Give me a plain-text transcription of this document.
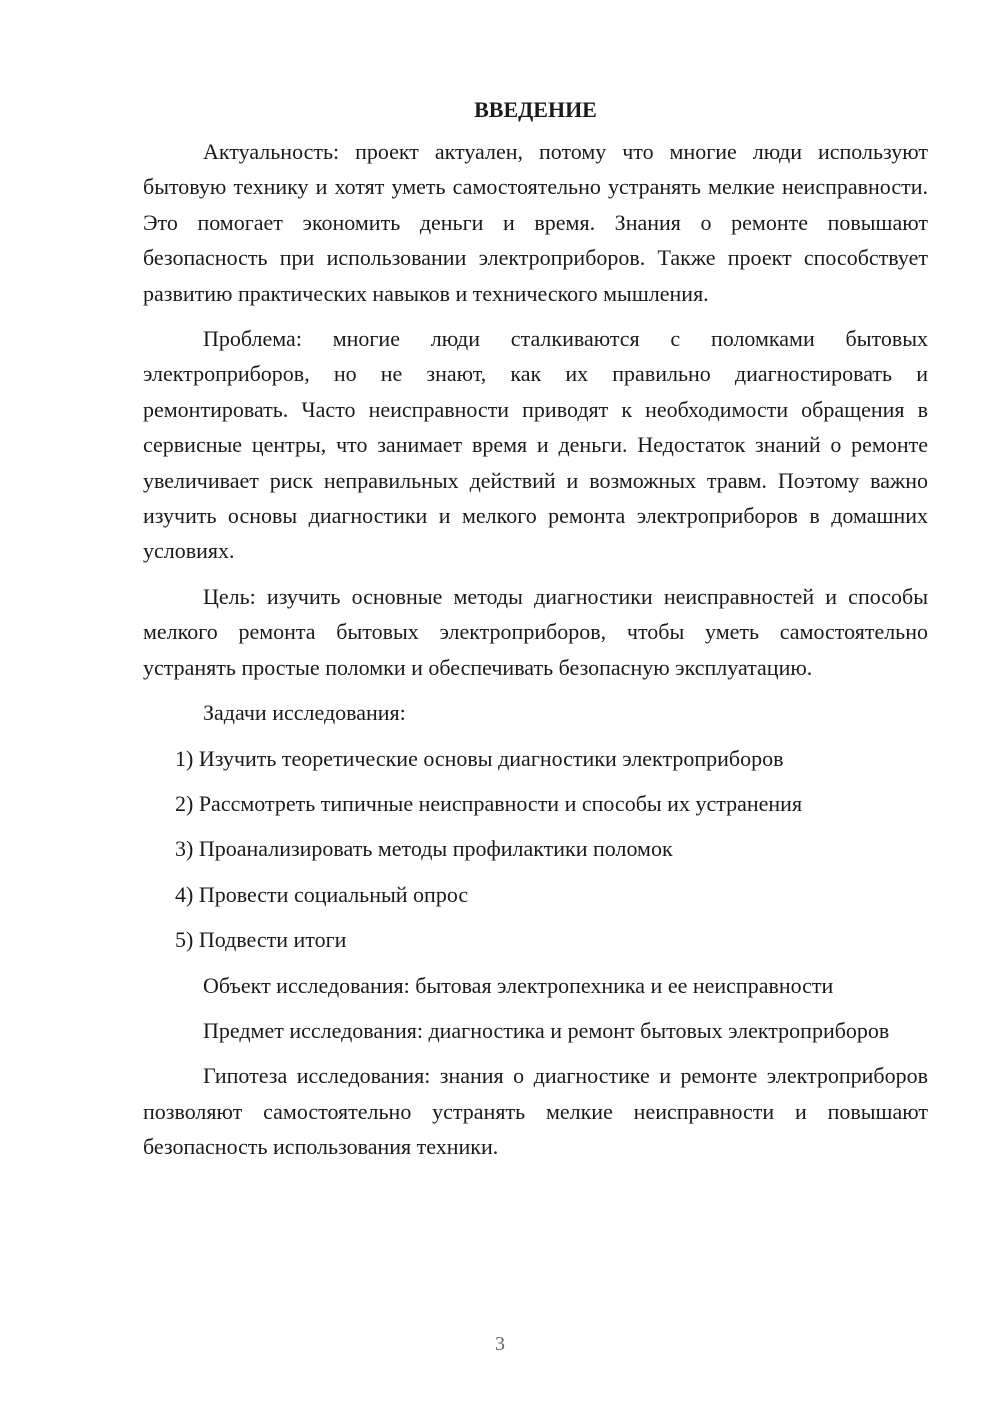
ВВЕДЕНИЕ

Актуальность: проект актуален, потому что многие люди используют бытовую технику и хотят уметь самостоятельно устранять мелкие неисправности. Это помогает экономить деньги и время. Знания о ремонте повышают безопасность при использовании электроприборов. Также проект способствует развитию практических навыков и технического мышления.

Проблема: многие люди сталкиваются с поломками бытовых электроприборов, но не знают, как их правильно диагностировать и ремонтировать. Часто неисправности приводят к необходимости обращения в сервисные центры, что занимает время и деньги. Недостаток знаний о ремонте увеличивает риск неправильных действий и возможных травм. Поэтому важно изучить основы диагностики и мелкого ремонта электроприборов в домашних условиях.

Цель: изучить основные методы диагностики неисправностей и способы мелкого ремонта бытовых электроприборов, чтобы уметь самостоятельно устранять простые поломки и обеспечивать безопасную эксплуатацию.

Задачи исследования:

1) Изучить теоретические основы диагностики электроприборов
2) Рассмотреть типичные неисправности и способы их устранения
3) Проанализировать методы профилактики поломок
4) Провести социальный опрос
5) Подвести итоги

Объект исследования: бытовая электропехника и ее неисправности

Предмет исследования: диагностика и ремонт бытовых электроприборов

Гипотеза исследования: знания о диагностике и ремонте электроприборов позволяют самостоятельно устранять мелкие неисправности и повышают безопасность использования техники.

3
